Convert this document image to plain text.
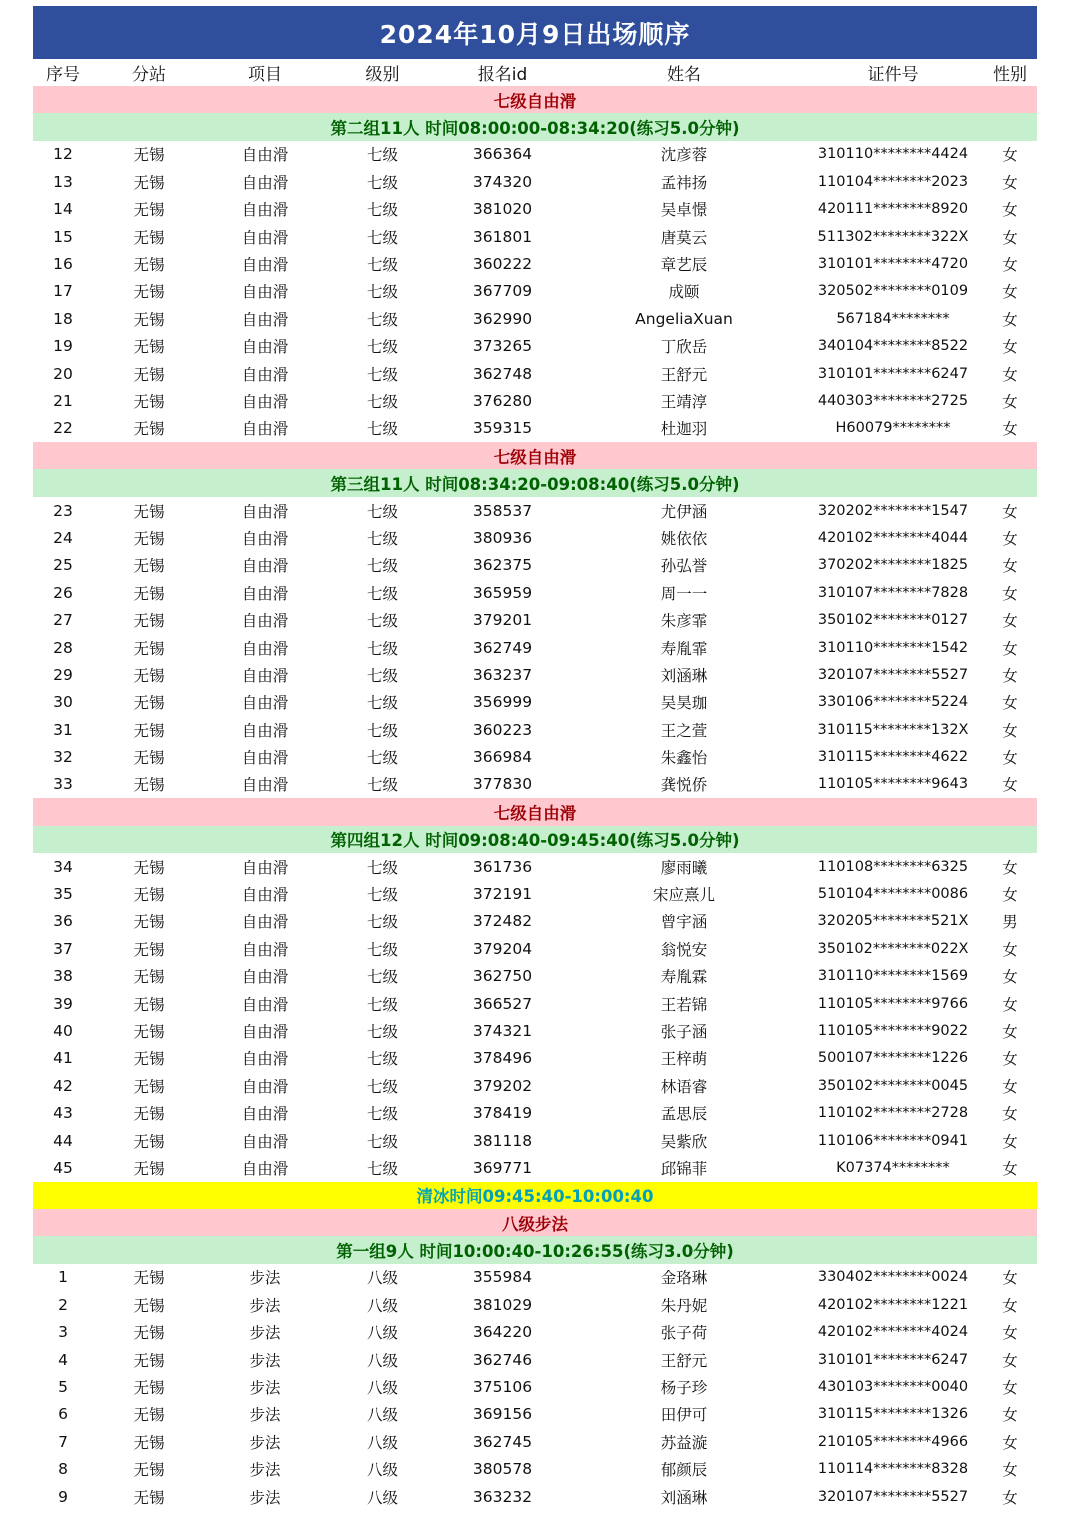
2024年10月9日出场顺序
序号	分站	项目	级别	报名id	姓名	证件号	性别
七级自由滑
第二组11人 时间08:00:00-08:34:20(练习5.0分钟)
12	无锡	自由滑	七级	366364	沈彦蓉	310110********4424	女
13	无锡	自由滑	七级	374320	孟祎扬	110104********2023	女
14	无锡	自由滑	七级	381020	吴卓憬	420111********8920	女
15	无锡	自由滑	七级	361801	唐莫云	511302********322X	女
16	无锡	自由滑	七级	360222	章艺辰	310101********4720	女
17	无锡	自由滑	七级	367709	成颐	320502********0109	女
18	无锡	自由滑	七级	362990	AngeliaXuan	567184********	女
19	无锡	自由滑	七级	373265	丁欣岳	340104********8522	女
20	无锡	自由滑	七级	362748	王舒元	310101********6247	女
21	无锡	自由滑	七级	376280	王靖淳	440303********2725	女
22	无锡	自由滑	七级	359315	杜迦羽	H60079********	女
七级自由滑
第三组11人 时间08:34:20-09:08:40(练习5.0分钟)
23	无锡	自由滑	七级	358537	尤伊涵	320202********1547	女
24	无锡	自由滑	七级	380936	姚依依	420102********4044	女
25	无锡	自由滑	七级	362375	孙弘誉	370202********1825	女
26	无锡	自由滑	七级	365959	周一一	310107********7828	女
27	无锡	自由滑	七级	379201	朱彦霏	350102********0127	女
28	无锡	自由滑	七级	362749	寿胤霏	310110********1542	女
29	无锡	自由滑	七级	363237	刘涵琳	320107********5527	女
30	无锡	自由滑	七级	356999	吴昊珈	330106********5224	女
31	无锡	自由滑	七级	360223	王之萱	310115********132X	女
32	无锡	自由滑	七级	366984	朱鑫怡	310115********4622	女
33	无锡	自由滑	七级	377830	龚悦侨	110105********9643	女
七级自由滑
第四组12人 时间09:08:40-09:45:40(练习5.0分钟)
34	无锡	自由滑	七级	361736	廖雨曦	110108********6325	女
35	无锡	自由滑	七级	372191	宋应熹儿	510104********0086	女
36	无锡	自由滑	七级	372482	曾宇涵	320205********521X	男
37	无锡	自由滑	七级	379204	翁悦安	350102********022X	女
38	无锡	自由滑	七级	362750	寿胤霖	310110********1569	女
39	无锡	自由滑	七级	366527	王若锦	110105********9766	女
40	无锡	自由滑	七级	374321	张子涵	110105********9022	女
41	无锡	自由滑	七级	378496	王梓萌	500107********1226	女
42	无锡	自由滑	七级	379202	林语睿	350102********0045	女
43	无锡	自由滑	七级	378419	孟思辰	110102********2728	女
44	无锡	自由滑	七级	381118	吴紫欣	110106********0941	女
45	无锡	自由滑	七级	369771	邱锦菲	K07374********	女
清冰时间09:45:40-10:00:40
八级步法
第一组9人 时间10:00:40-10:26:55(练习3.0分钟)
1	无锡	步法	八级	355984	金珞琳	330402********0024	女
2	无锡	步法	八级	381029	朱丹妮	420102********1221	女
3	无锡	步法	八级	364220	张子荷	420102********4024	女
4	无锡	步法	八级	362746	王舒元	310101********6247	女
5	无锡	步法	八级	375106	杨子珍	430103********0040	女
6	无锡	步法	八级	369156	田伊可	310115********1326	女
7	无锡	步法	八级	362745	苏益漩	210105********4966	女
8	无锡	步法	八级	380578	郁颜辰	110114********8328	女
9	无锡	步法	八级	363232	刘涵琳	320107********5527	女
